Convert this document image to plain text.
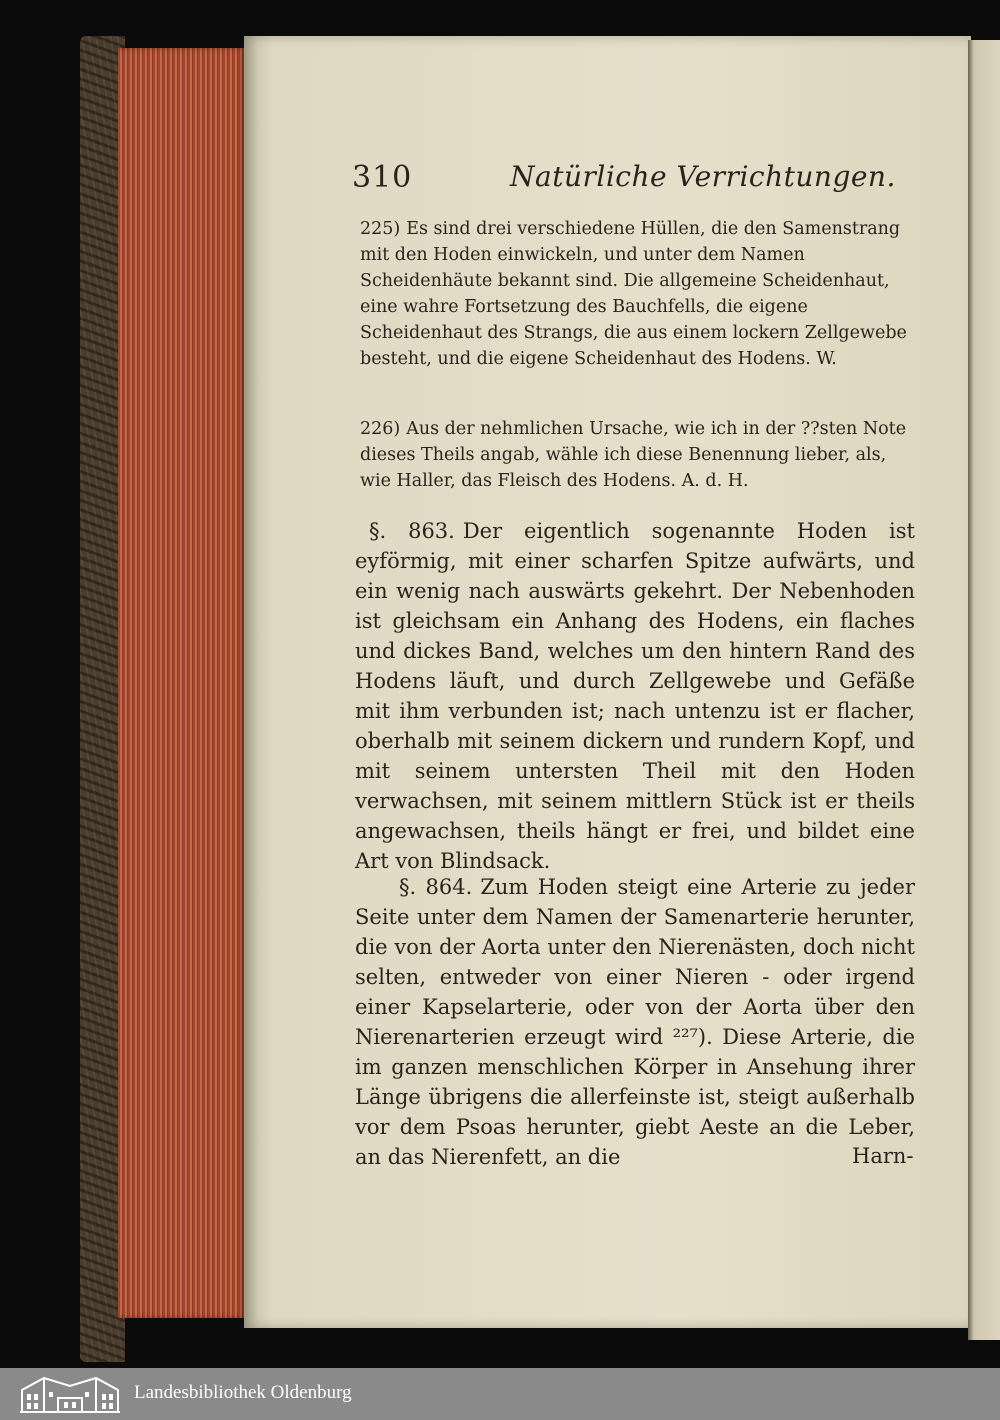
310	Natürliche Verrichtungen.
225) Es sind drei verschiedene Hüllen, die den Samenstrang mit den Hoden einwickeln, und unter dem Namen Scheidenhäute bekannt sind. Die allgemeine Scheidenhaut, eine wahre Fortsetzung des Bauchfells, die eigene Scheidenhaut des Strangs, die aus einem lockern Zellgewebe besteht, und die eigene Scheidenhaut des Hodens. W.
226) Aus der nehmlichen Ursache, wie ich in der ??sten Note dieses Theils angab, wähle ich diese Benennung lieber, als, wie Haller, das Fleisch des Hodens. A. d. H.
§. 863. Der eigentlich sogenannte Hoden ist eyförmig, mit einer scharfen Spitze aufwärts, und ein wenig nach auswärts gekehrt. Der Nebenhoden ist gleichsam ein Anhang des Hodens, ein flaches und dickes Band, welches um den hintern Rand des Hodens läuft, und durch Zellgewebe und Gefäße mit ihm verbunden ist; nach untenzu ist er flacher, oberhalb mit seinem dickern und rundern Kopf, und mit seinem untersten Theil mit den Hoden verwachsen, mit seinem mittlern Stück ist er theils angewachsen, theils hängt er frei, und bildet eine Art von Blindsack.
§. 864. Zum Hoden steigt eine Arterie zu jeder Seite unter dem Namen der Samenarterie herunter, die von der Aorta unter den Nierenästen, doch nicht selten, entweder von einer Nieren - oder irgend einer Kapselarterie, oder von der Aorta über den Nierenarterien erzeugt wird ²²⁷). Diese Arterie, die im ganzen menschlichen Körper in Ansehung ihrer Länge übrigens die allerfeinste ist, steigt außerhalb vor dem Psoas herunter, giebt Aeste an die Leber, an das Nierenfett, an die	Harn-
Landesbibliothek Oldenburg
